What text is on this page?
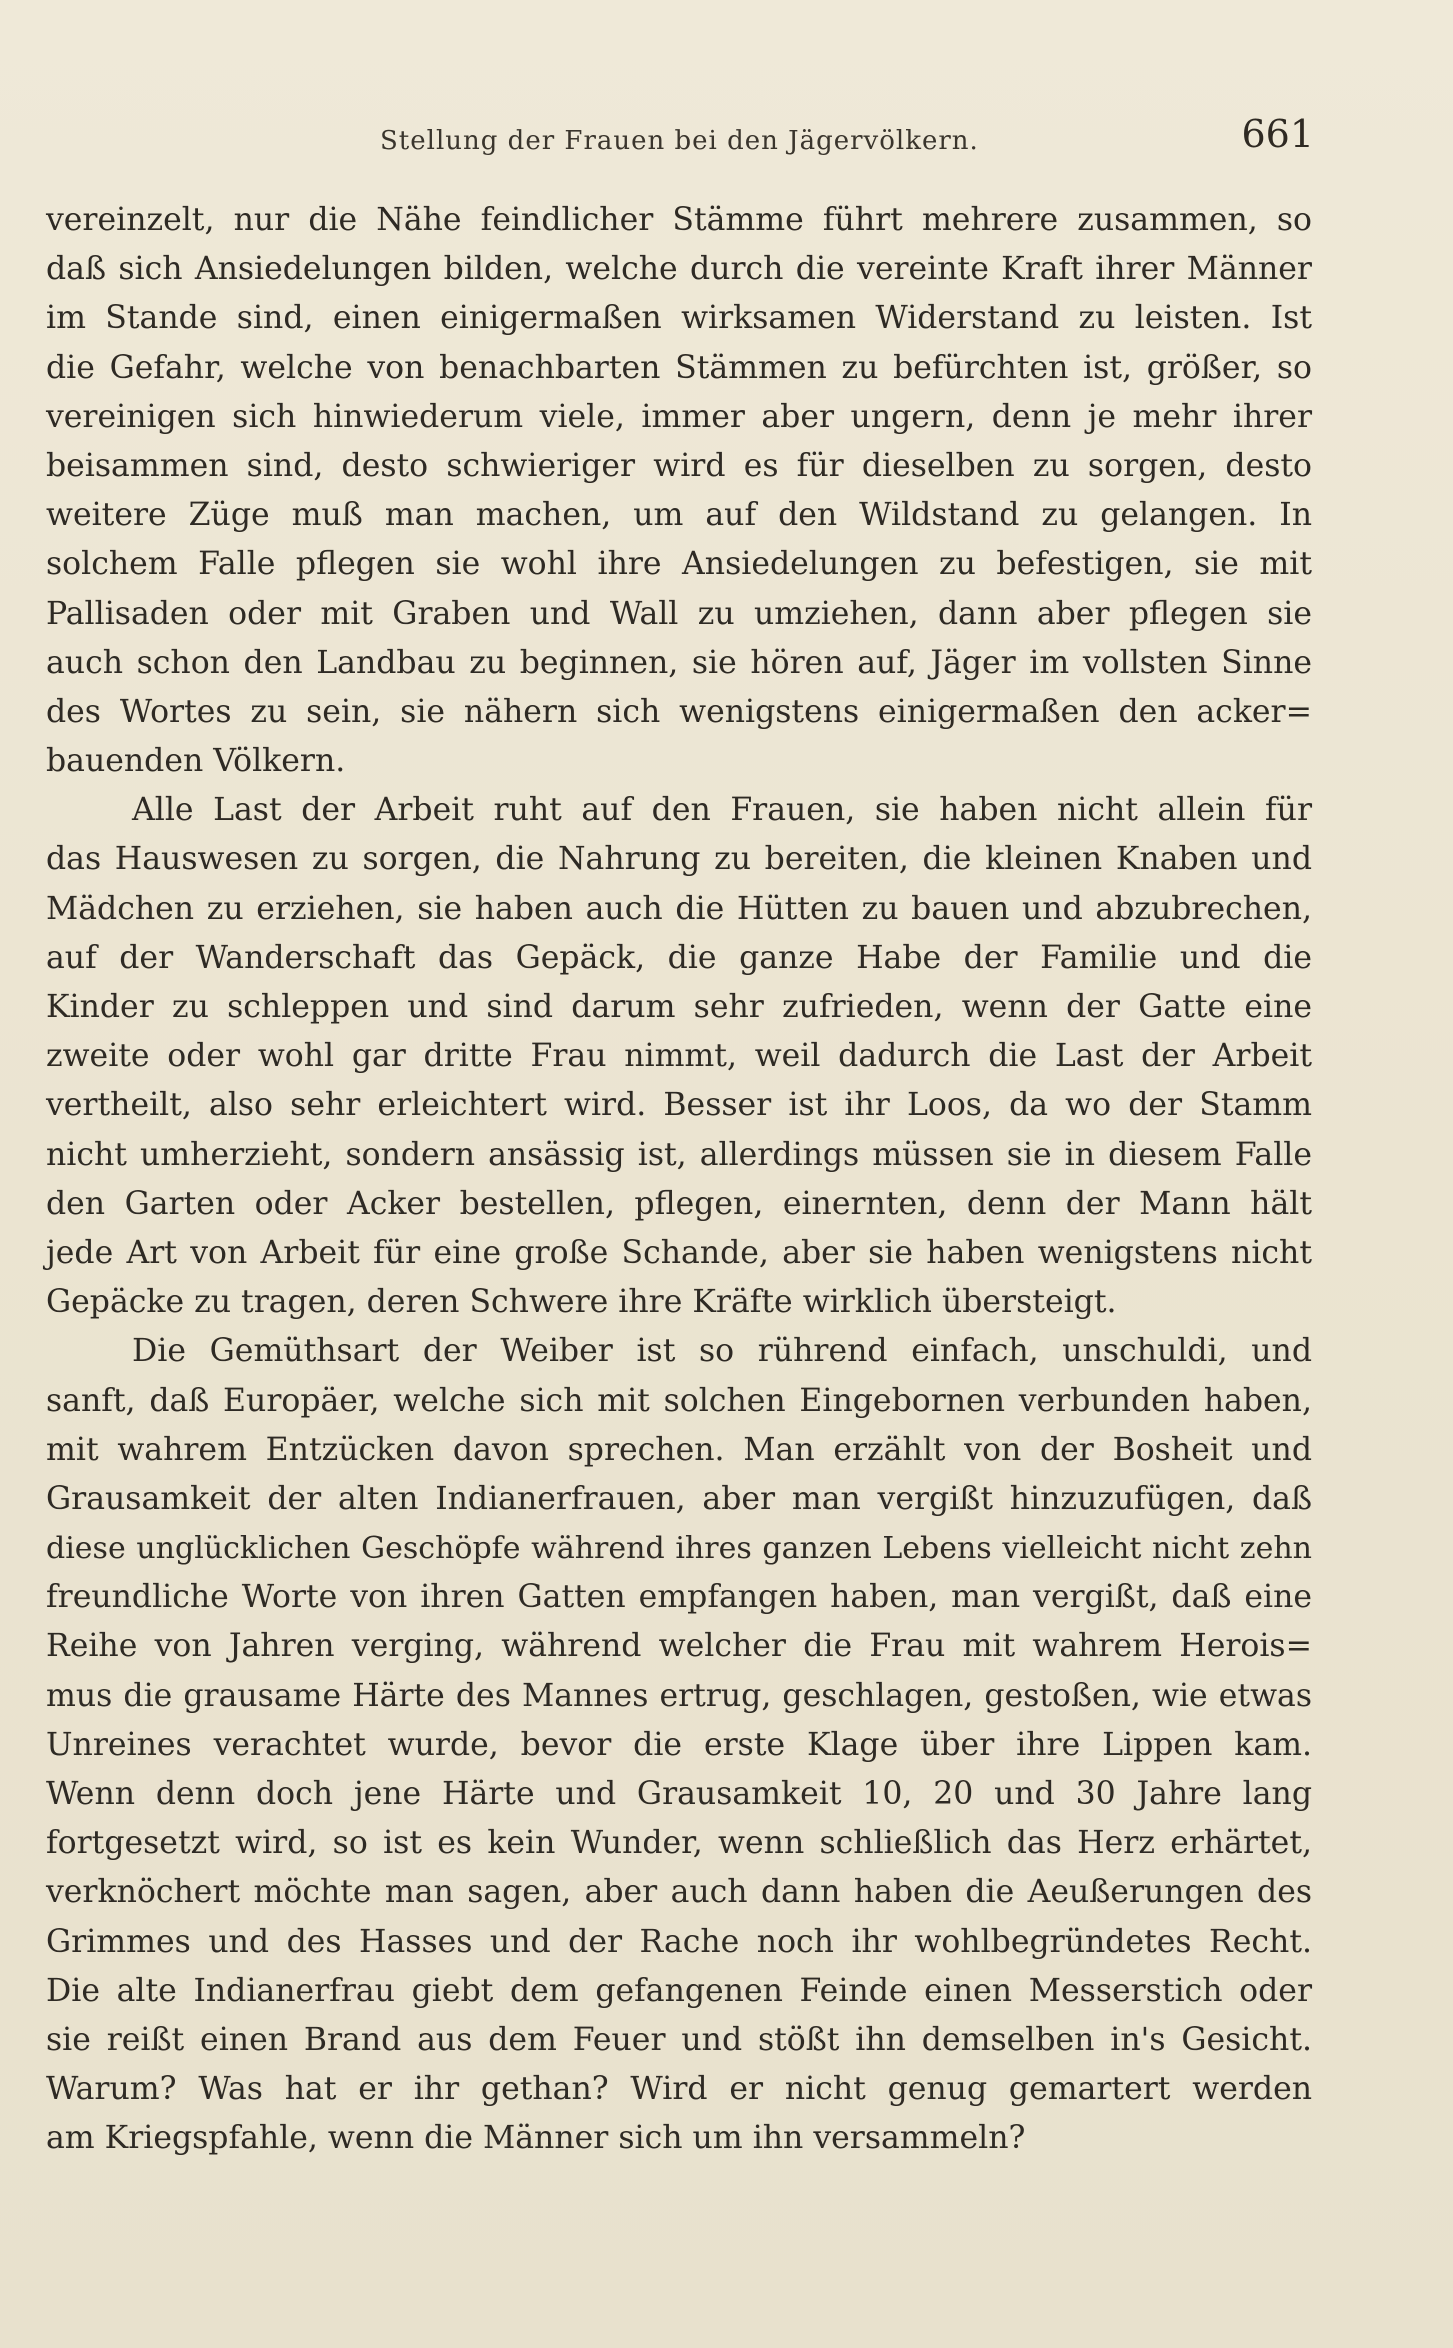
Stellung der Frauen bei den Jägervölkern.	661
vereinzelt, nur die Nähe feindlicher Stämme führt mehrere zusammen, so
daß sich Ansiedelungen bilden, welche durch die vereinte Kraft ihrer Männer
im Stande sind, einen einigermaßen wirksamen Widerstand zu leisten. Ist
die Gefahr, welche von benachbarten Stämmen zu befürchten ist, größer, so
vereinigen sich hinwiederum viele, immer aber ungern, denn je mehr ihrer
beisammen sind, desto schwieriger wird es für dieselben zu sorgen, desto
weitere Züge muß man machen, um auf den Wildstand zu gelangen. In
solchem Falle pflegen sie wohl ihre Ansiedelungen zu befestigen, sie mit
Pallisaden oder mit Graben und Wall zu umziehen, dann aber pflegen sie
auch schon den Landbau zu beginnen, sie hören auf, Jäger im vollsten Sinne
des Wortes zu sein, sie nähern sich wenigstens einigermaßen den acker=
bauenden Völkern.
Alle Last der Arbeit ruht auf den Frauen, sie haben nicht allein für
das Hauswesen zu sorgen, die Nahrung zu bereiten, die kleinen Knaben und
Mädchen zu erziehen, sie haben auch die Hütten zu bauen und abzubrechen,
auf der Wanderschaft das Gepäck, die ganze Habe der Familie und die
Kinder zu schleppen und sind darum sehr zufrieden, wenn der Gatte eine
zweite oder wohl gar dritte Frau nimmt, weil dadurch die Last der Arbeit
vertheilt, also sehr erleichtert wird. Besser ist ihr Loos, da wo der Stamm
nicht umherzieht, sondern ansässig ist, allerdings müssen sie in diesem Falle
den Garten oder Acker bestellen, pflegen, einernten, denn der Mann hält
jede Art von Arbeit für eine große Schande, aber sie haben wenigstens nicht
Gepäcke zu tragen, deren Schwere ihre Kräfte wirklich übersteigt.
Die Gemüthsart der Weiber ist so rührend einfach, unschuldi, und
sanft, daß Europäer, welche sich mit solchen Eingebornen verbunden haben,
mit wahrem Entzücken davon sprechen. Man erzählt von der Bosheit und
Grausamkeit der alten Indianerfrauen, aber man vergißt hinzuzufügen, daß
diese unglücklichen Geschöpfe während ihres ganzen Lebens vielleicht nicht zehn
freundliche Worte von ihren Gatten empfangen haben, man vergißt, daß eine
Reihe von Jahren verging, während welcher die Frau mit wahrem Herois=
mus die grausame Härte des Mannes ertrug, geschlagen, gestoßen, wie etwas
Unreines verachtet wurde, bevor die erste Klage über ihre Lippen kam.
Wenn denn doch jene Härte und Grausamkeit 10, 20 und 30 Jahre lang
fortgesetzt wird, so ist es kein Wunder, wenn schließlich das Herz erhärtet,
verknöchert möchte man sagen, aber auch dann haben die Aeußerungen des
Grimmes und des Hasses und der Rache noch ihr wohlbegründetes Recht.
Die alte Indianerfrau giebt dem gefangenen Feinde einen Messerstich oder
sie reißt einen Brand aus dem Feuer und stößt ihn demselben in's Gesicht.
Warum? Was hat er ihr gethan? Wird er nicht genug gemartert werden
am Kriegspfahle, wenn die Männer sich um ihn versammeln?
